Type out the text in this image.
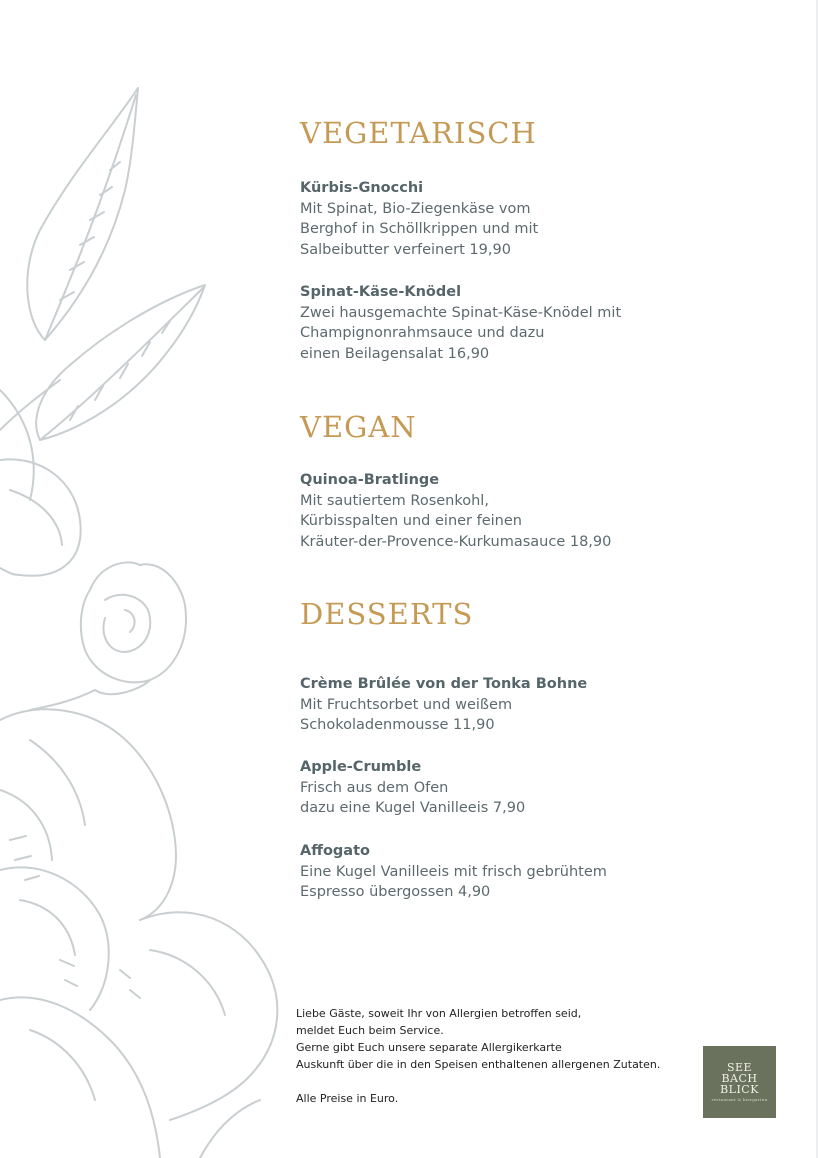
VEGETARISCH
Kürbis-Gnocchi
Mit Spinat, Bio-Ziegenkäse vom
Berghof in Schöllkrippen und mit
Salbeibutter verfeinert 19,90
Spinat-Käse-Knödel
Zwei hausgemachte Spinat-Käse-Knödel mit
Champignonrahmsauce und dazu
einen Beilagensalat 16,90
VEGAN
Quinoa-Bratlinge
Mit sautiertem Rosenkohl,
Kürbisspalten und einer feinen
Kräuter-der-Provence-Kurkumasauce 18,90
DESSERTS
Crème Brûlée von der Tonka Bohne
Mit Fruchtsorbet und weißem
Schokoladenmousse 11,90
Apple-Crumble
Frisch aus dem Ofen
dazu eine Kugel Vanilleeis 7,90
Affogato
Eine Kugel Vanilleeis mit frisch gebrühtem
Espresso übergossen 4,90
Liebe Gäste, soweit Ihr von Allergien betroffen seid,
meldet Euch beim Service.
Gerne gibt Euch unsere separate Allergikerkarte
Auskunft über die in den Speisen enthaltenen allergenen Zutaten.
Alle Preise in Euro.
SEE
BACH
BLICK
restaurant & biergarten
